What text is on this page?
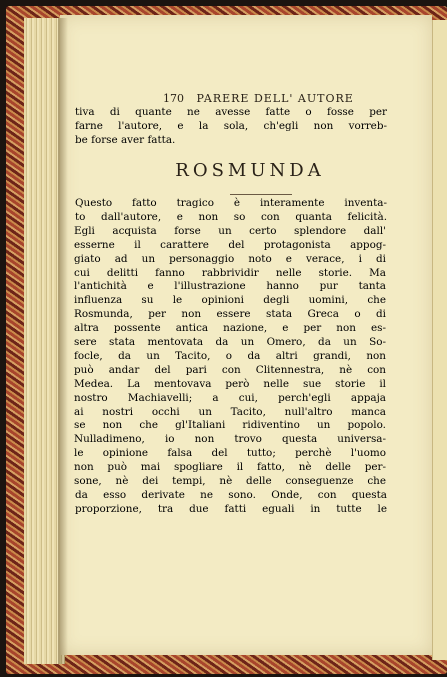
170 PARERE DELL' AUTORE
tiva di quante ne avesse fatte o fosse per
farne l'autore, e la sola, ch'egli non vorreb-
be forse aver fatta.
ROSMUNDA
Questo fatto tragico è interamente inventa-
to dall'autore, e non so con quanta felicità.
Egli acquista forse un certo splendore dall'
esserne il carattere del protagonista appog-
giato ad un personaggio noto e verace, i di
cui delitti fanno rabbrividir nelle storie. Ma
l'antichità e l'illustrazione hanno pur tanta
influenza su le opinioni degli uomini, che
Rosmunda, per non essere stata Greca o di
altra possente antica nazione, e per non es-
sere stata mentovata da un Omero, da un So-
focle, da un Tacito, o da altri grandi, non
può andar del pari con Clitennestra, nè con
Medea. La mentovava però nelle sue storie il
nostro Machiavelli; a cui, perch'egli appaja
ai nostri occhi un Tacito, null'altro manca
se non che gl'Italiani ridiventino un popolo.
Nulladimeno, io non trovo questa universa-
le opinione falsa del tutto; perchè l'uomo
non può mai spogliare il fatto, nè delle per-
sone, nè dei tempi, nè delle conseguenze che
da esso derivate ne sono. Onde, con questa
proporzione, tra due fatti eguali in tutte le
